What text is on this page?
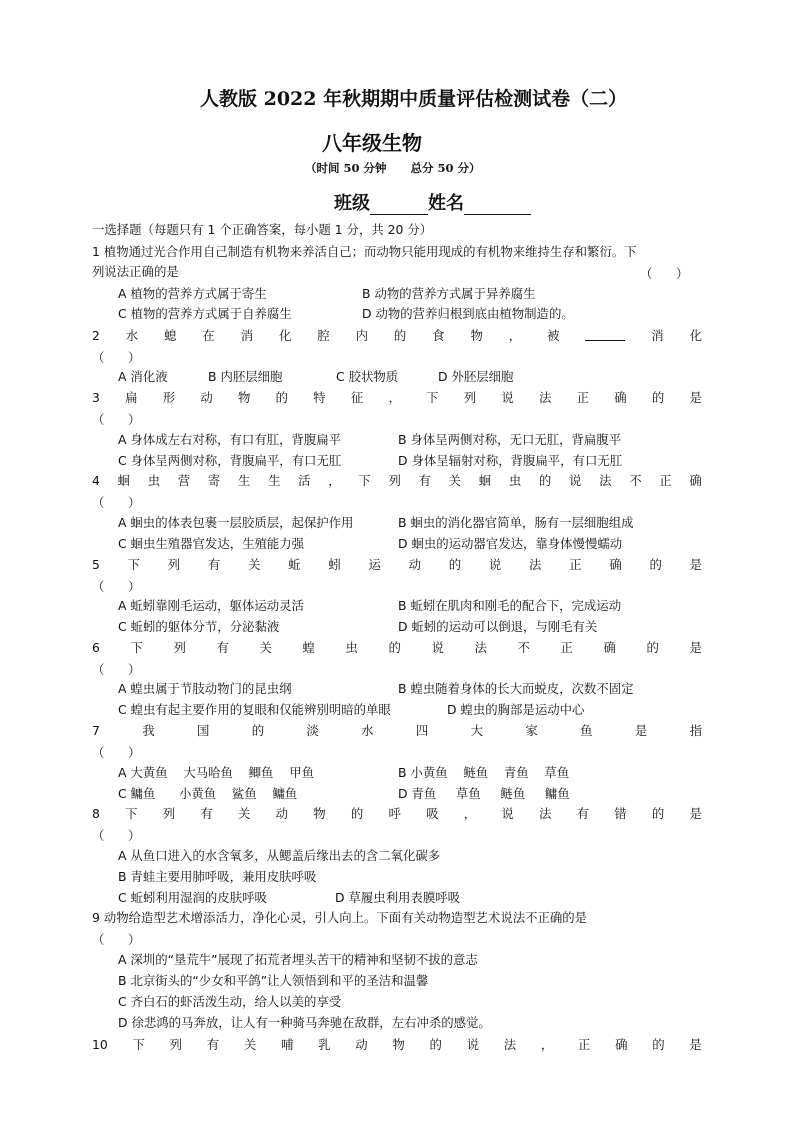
人教版 2022 年秋期期中质量评估检测试卷（二）
八年级生物
（时间 50 分钟      总分 50 分）
班级	姓名
一选择题（每题只有 1 个正确答案，每小题 1 分，共 20 分）
1 植物通过光合作用自己制造有机物来养活自己；而动物只能用现成的有机物来维持生存和繁衍。下
列说法正确的是	（      ）
A 植物的营养方式属于寄生	B 动物的营养方式属于异养腐生
C 植物的营养方式属于自养腐生	D 动物的营养归根到底由植物制造的。
2 水 螅 在 消 化 腔 内 的 食 物 ， 被	消 化
（      ）
A 消化液	B 内胚层细胞	C 胶状物质	D 外胚层细胞
3 扁 形 动 物 的 特 征 ， 下 列 说 法 正 确 的 是
（      ）
A 身体成左右对称，有口有肛，背腹扁平	B 身体呈两侧对称，无口无肛，背扁腹平
C 身体呈两侧对称，背腹扁平，有口无肛	D 身体呈辐射对称，背腹扁平，有口无肛
4 蛔 虫 营 寄 生 生 活 ， 下 列 有 关 蛔 虫 的 说 法 不 正 确
（      ）
A 蛔虫的体表包裹一层胶质层，起保护作用	B 蛔虫的消化器官简单，肠有一层细胞组成
C 蛔虫生殖器官发达，生殖能力强	D 蛔虫的运动器官发达，靠身体慢慢蠕动
5 下 列 有 关 蚯 蚓 运 动 的 说 法 正 确 的 是
（      ）
A 蚯蚓靠刚毛运动，躯体运动灵活	B 蚯蚓在肌肉和刚毛的配合下，完成运动
C 蚯蚓的躯体分节，分泌黏液	D 蚯蚓的运动可以倒退，与刚毛有关
6 下 列 有 关 蝗 虫 的 说 法 不 正 确 的 是
（      ）
A 蝗虫属于节肢动物门的昆虫纲	B 蝗虫随着身体的长大而蜕皮，次数不固定
C 蝗虫有起主要作用的复眼和仅能辨别明暗的单眼	D 蝗虫的胸部是运动中心
7	我	国	的	淡	水	四	大	家	鱼	是	指
（      ）
A 大黄鱼    大马哈鱼    鲫鱼    甲鱼	B 小黄鱼    鲢鱼    青鱼    草鱼
C 鳙鱼      小黄鱼    鲨鱼    鳙鱼	D 青鱼     草鱼     鲢鱼     鳙鱼
8 下 列 有 关 动 物 的 呼 吸 ， 说 法 有 错 的 是
（      ）
A 从鱼口进入的水含氧多，从鳃盖后缘出去的含二氧化碳多
B 青蛙主要用肺呼吸，兼用皮肤呼吸
C 蚯蚓利用湿润的皮肤呼吸	D 草履虫利用表膜呼吸
9 动物给造型艺术增添活力，净化心灵，引人向上。下面有关动物造型艺术说法不正确的是
（      ）
A 深圳的“垦荒牛”展现了拓荒者埋头苦干的精神和坚韧不拔的意志
B 北京街头的“少女和平鸽”让人领悟到和平的圣洁和温馨
C 齐白石的虾活泼生动，给人以美的享受
D 徐悲鸿的马奔放，让人有一种骑马奔驰在敌群，左右冲杀的感觉。
10 下 列 有 关 哺 乳 动 物 的 说 法 ， 正 确 的 是
